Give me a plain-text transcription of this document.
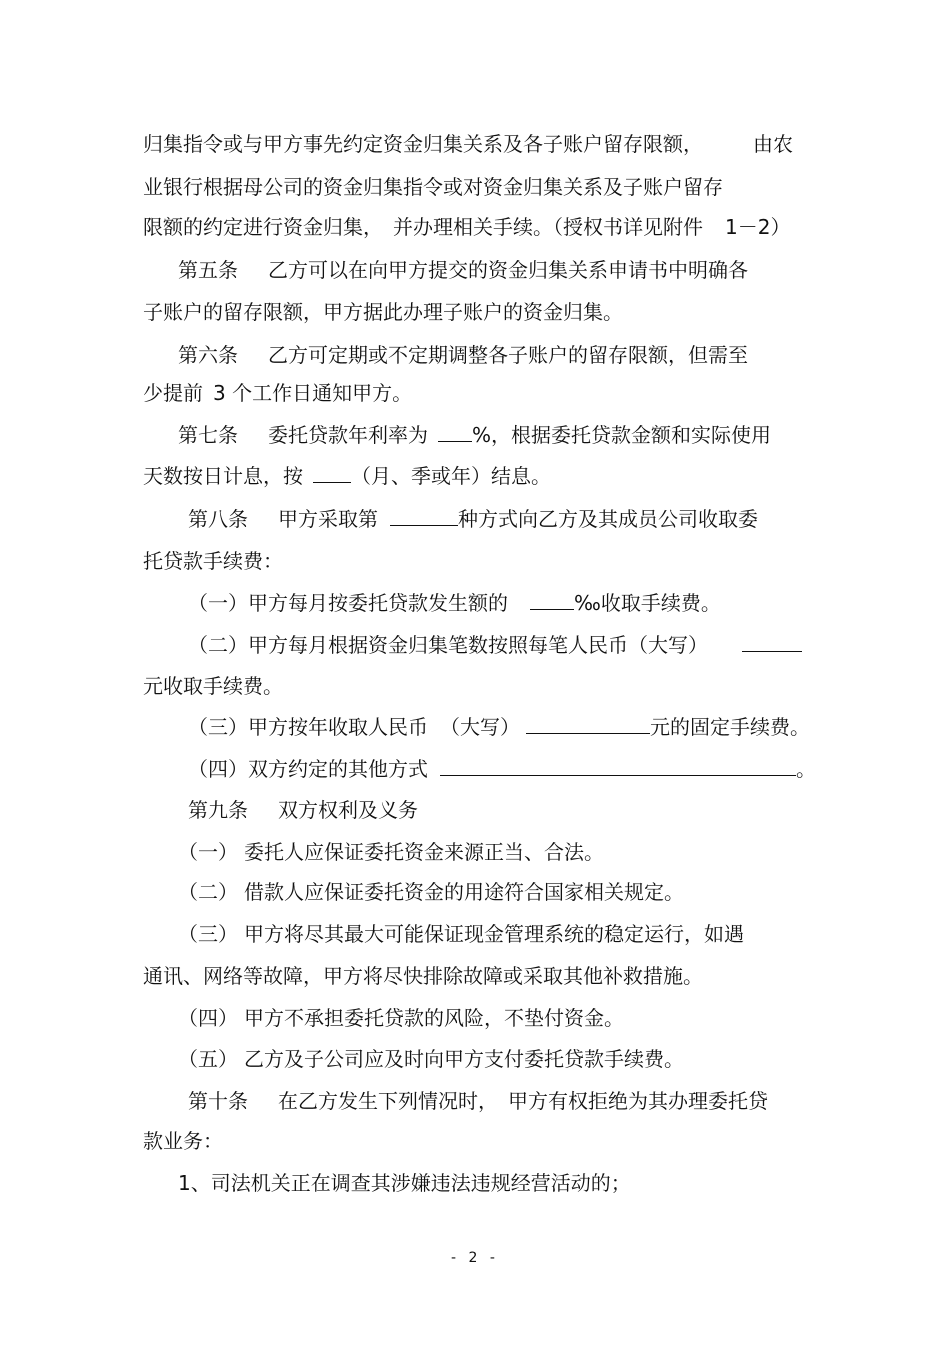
归集指令或与甲方事先约定资金归集关系及各子账户留存限额，	由农
业银行根据母公司的资金归集指令或对资金归集关系及子账户留存
限额的约定进行资金归集， 并办理相关手续。（授权书详见附件 1－2）
第五条 乙方可以在向甲方提交的资金归集关系申请书中明确各
子账户的留存限额，甲方据此办理子账户的资金归集。
第六条 乙方可定期或不定期调整各子账户的留存限额，但需至
少提前 3 个工作日通知甲方。
第七条 委托贷款年利率为 %，根据委托贷款金额和实际使用
天数按日计息，按 （月、季或年）结息。
第八条 甲方采取第	种方式向乙方及其成员公司收取委
托贷款手续费：
（一）甲方每月按委托贷款发生额的	‰收取手续费。
（二）甲方每月根据资金归集笔数按照每笔人民币（大写）
元收取手续费。
（三）甲方按年收取人民币 （大写）	元的固定手续费。
（四）双方约定的其他方式	。
第九条 双方权利及义务
（一） 委托人应保证委托资金来源正当、合法。
（二） 借款人应保证委托资金的用途符合国家相关规定。
（三） 甲方将尽其最大可能保证现金管理系统的稳定运行，如遇
通讯、网络等故障，甲方将尽快排除故障或采取其他补救措施。
（四） 甲方不承担委托贷款的风险，不垫付资金。
（五） 乙方及子公司应及时向甲方支付委托贷款手续费。
第十条 在乙方发生下列情况时， 甲方有权拒绝为其办理委托贷
款业务：
1、司法机关正在调查其涉嫌违法违规经营活动的；
- 2 -
